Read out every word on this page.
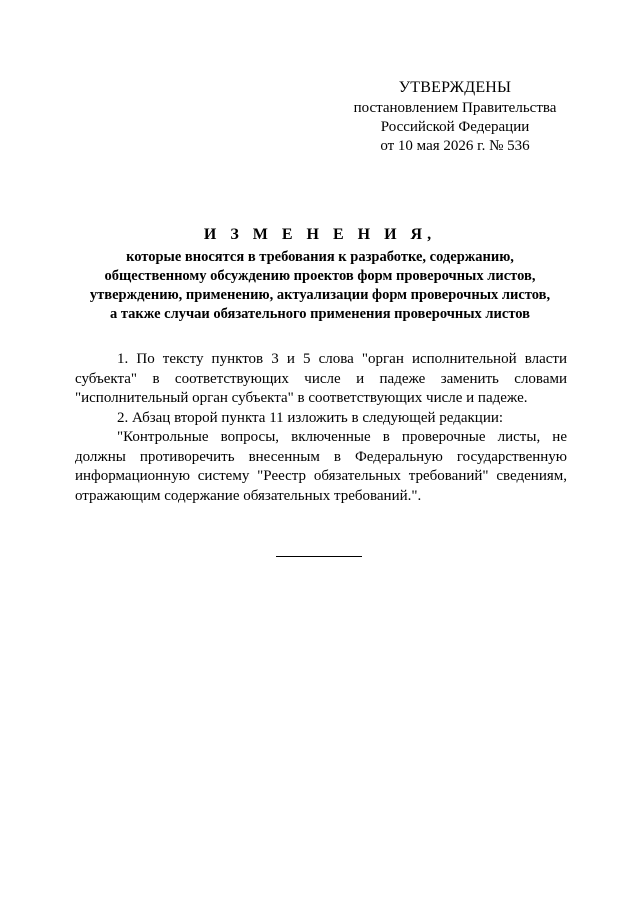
УТВЕРЖДЕНЫ
постановлением Правительства
Российской Федерации
от 10 мая 2026 г. № 536
И З М Е Н Е Н И Я,
которые вносятся в требования к разработке, содержанию,
общественному обсуждению проектов форм проверочных листов,
утверждению, применению, актуализации форм проверочных листов,
а также случаи обязательного применения проверочных листов

1. По тексту пунктов 3 и 5 слова "орган исполнительной власти субъекта" в соответствующих числе и падеже заменить словами "исполнительный орган субъекта" в соответствующих числе и падеже.

2. Абзац второй пункта 11 изложить в следующей редакции:

"Контрольные вопросы, включенные в проверочные листы, не должны противоречить внесенным в Федеральную государственную информационную систему "Реестр обязательных требований" сведениям, отражающим содержание обязательных требований.".
